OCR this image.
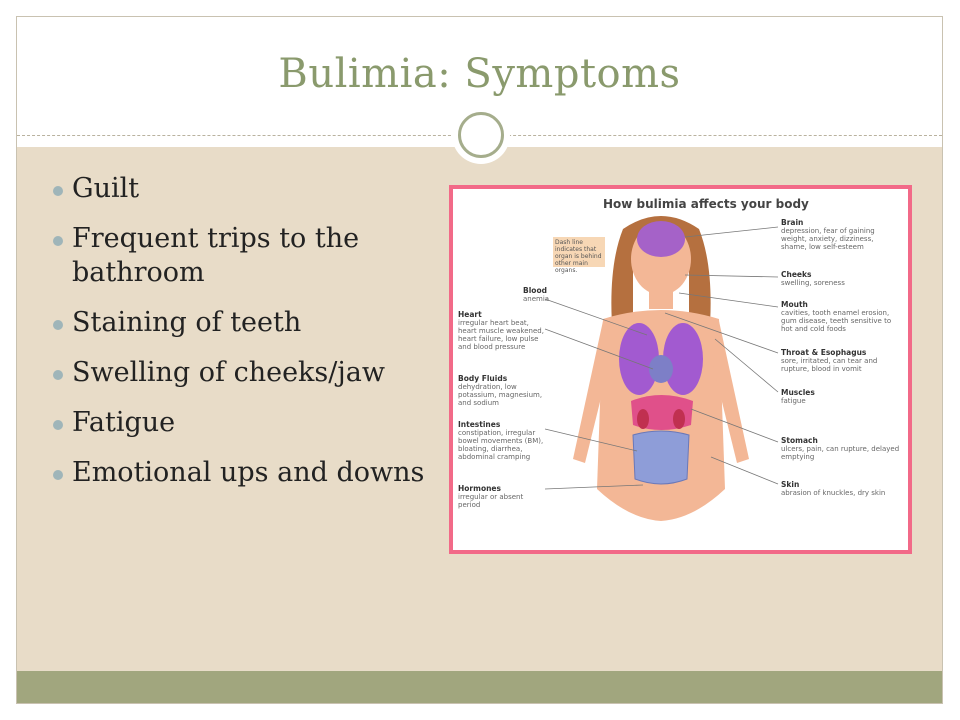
Bulimia: Symptoms
Guilt
Frequent trips to the bathroom
Staining of teeth
Swelling of cheeks/jaw
Fatigue
Emotional ups and downs
How bulimia affects your body
Dash line indicates that organ is behind other main organs.
Blood
anemia
Heart
irregular heart beat, heart muscle weakened, heart failure, low pulse and blood pressure
Body Fluids
dehydration, low potassium, magnesium, and sodium
Intestines
constipation, irregular bowel movements (BM), bloating, diarrhea, abdominal cramping
Hormones
irregular or absent period
Brain
depression, fear of gaining weight, anxiety, dizziness, shame, low self-esteem
Cheeks
swelling, soreness
Mouth
cavities, tooth enamel erosion, gum disease, teeth sensitive to hot and cold foods
Throat & Esophagus
sore, irritated, can tear and rupture, blood in vomit
Muscles
fatigue
Stomach
ulcers, pain, can rupture, delayed emptying
Skin
abrasion of knuckles, dry skin
